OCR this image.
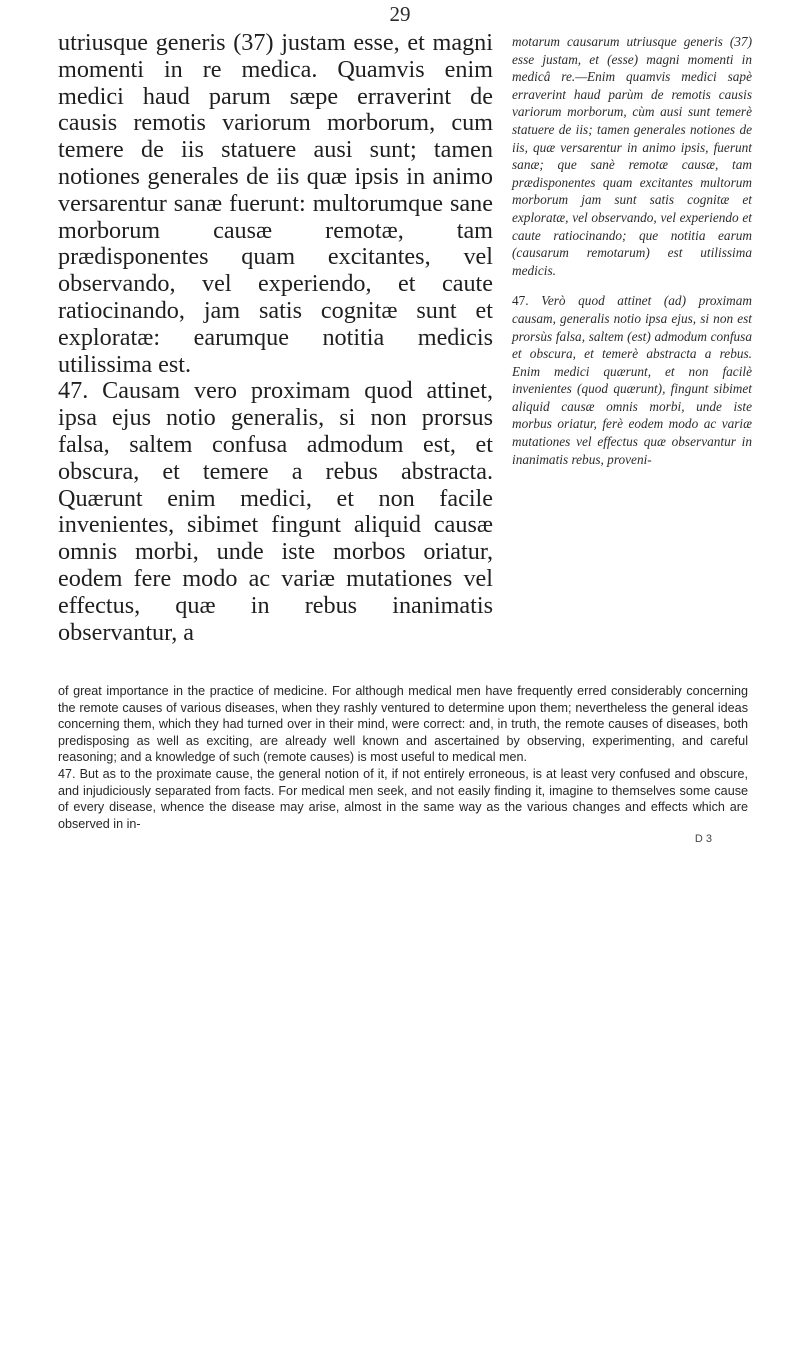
29

utriusque generis (37) justam esse, et magni momenti in re medica. Quamvis enim medici haud parum sæpe erraverint de causis remotis variorum morborum, cum temere de iis statuere ausi sunt; tamen notiones generales de iis quæ ipsis in animo versarentur sanæ fuerunt: multorumque sane morborum causæ remotæ, tam prædisponentes quam excitantes, vel observando, vel experiendo, et caute ratiocinando, jam satis cognitæ sunt et exploratæ: earumque notitia medicis utilissima est.

47. Causam vero proximam quod attinet, ipsa ejus notio generalis, si non prorsus falsa, saltem confusa admodum est, et obscura, et temere a rebus abstracta. Quærunt enim medici, et non facile invenientes, sibimet fingunt aliquid causæ omnis morbi, unde iste morbos oriatur, eodem fere modo ac variæ mutationes vel effectus, quæ in rebus inanimatis observantur, a

motarum causarum utriusque generis (37) esse justam, et (esse) magni momenti in medicâ re.—Enim quamvis medici sapè erraverint haud parùm de remotis causis variorum morborum, cùm ausi sunt temerè statuere de iis; tamen generales notiones de iis, quæ versarentur in animo ipsis, fuerunt sanæ; que sanè remotæ causæ, tam prædisponentes quam excitantes multorum morborum jam sunt satis cognitæ et exploratæ, vel observando, vel experiendo et caute ratiocinando; que notitia earum (causarum remotarum) est utilissima medicis.

47. Verò quod attinet (ad) proximam causam, generalis notio ipsa ejus, si non est prorsùs falsa, saltem (est) admodum confusa et obscura, et temerè abstracta a rebus. Enim medici quærunt, et non facilè invenientes (quod quærunt), fingunt sibimet aliquid causæ omnis morbi, unde iste morbus oriatur, ferè eodem modo ac variæ mutationes vel effectus quæ observantur in inanimatis rebus, proveni-

of great importance in the practice of medicine. For although medical men have frequently erred considerably concerning the remote causes of various diseases, when they rashly ventured to determine upon them; nevertheless the general ideas concerning them, which they had turned over in their mind, were correct: and, in truth, the remote causes of diseases, both predisposing as well as exciting, are already well known and ascertained by observing, experimenting, and careful reasoning; and a knowledge of such (remote causes) is most useful to medical men.

47. But as to the proximate cause, the general notion of it, if not entirely erroneous, is at least very confused and obscure, and injudiciously separated from facts. For medical men seek, and not easily finding it, imagine to themselves some cause of every disease, whence the disease may arise, almost in the same way as the various changes and effects which are observed in in-

D 3
